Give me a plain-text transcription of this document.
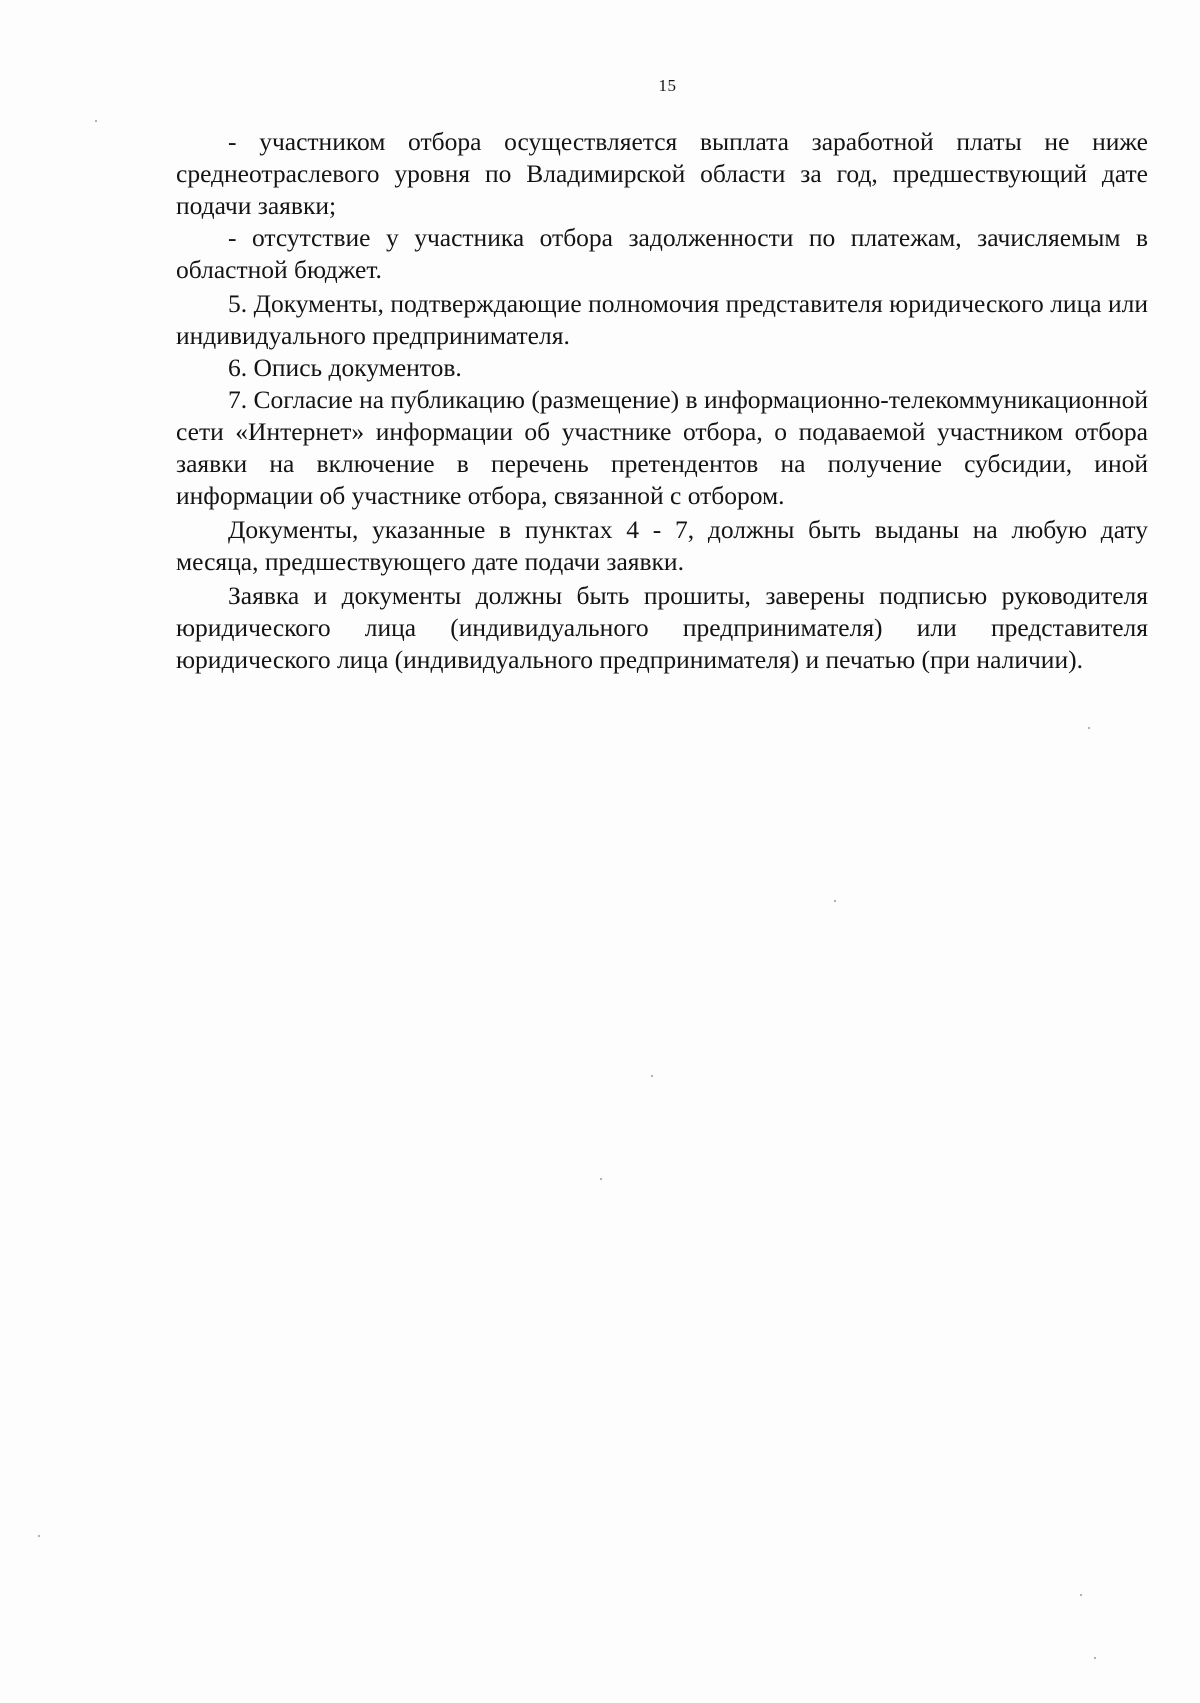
15

- участником отбора осуществляется выплата заработной платы не ниже среднеотраслевого уровня по Владимирской области за год, предшествующий дате подачи заявки;

- отсутствие у участника отбора задолженности по платежам, зачисляемым в областной бюджет.

5. Документы, подтверждающие полномочия представителя юридического лица или индивидуального предпринимателя.

6. Опись документов.

7. Согласие на публикацию (размещение) в информационно-телекоммуникационной сети «Интернет» информации об участнике отбора, о подаваемой участником отбора заявки на включение в перечень претендентов на получение субсидии, иной информации об участнике отбора, связанной с отбором.

Документы, указанные в пунктах 4 - 7, должны быть выданы на любую дату месяца, предшествующего дате подачи заявки.

Заявка и документы должны быть прошиты, заверены подписью руководителя юридического лица (индивидуального предпринимателя) или представителя юридического лица (индивидуального предпринимателя) и печатью (при наличии).
